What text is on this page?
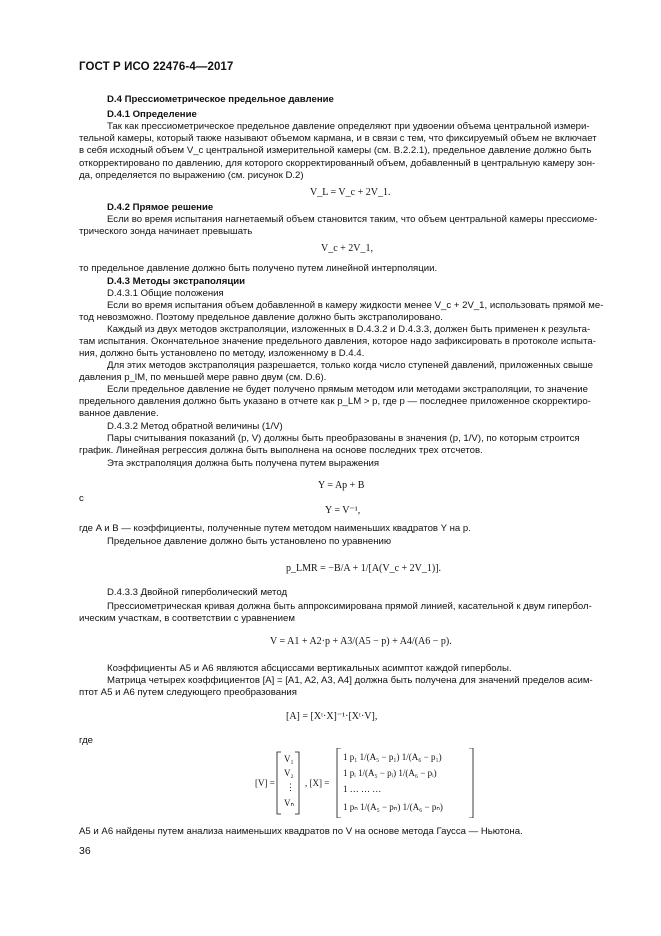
ГОСТ Р ИСО 22476-4—2017
D.4 Прессиометрическое предельное давление
D.4.1 Определение
Так как прессиометрическое предельное давление определяют при удвоении объема центральной измери-
тельной камеры, который также называют объемом кармана, и в связи с тем, что фиксируемый объем не включает
в себя исходный объем V_c центральной измерительной камеры (см. В.2.2.1), предельное давление должно быть
откорректировано по давлению, для которого скорректированный объем, добавленный в центральную камеру зон-
да, определяется по выражению (см. рисунок D.2)
V_L = V_c + 2V_1.
D.4.2 Прямое решение
Если во время испытания нагнетаемый объем становится таким, что объем центральной камеры прессиоме-
трического зонда начинает превышать
V_c + 2V_1,
то предельное давление должно быть получено путем линейной интерполяции.
D.4.3 Методы экстраполяции
D.4.3.1 Общие положения
Если во время испытания объем добавленной в камеру жидкости менее V_c + 2V_1, использовать прямой ме-
тод невозможно. Поэтому предельное давление должно быть экстраполировано.
Каждый из двух методов экстраполяции, изложенных в D.4.3.2 и D.4.3.3, должен быть применен к результа-
там испытания. Окончательное значение предельного давления, которое надо зафиксировать в протоколе испыта-
ния, должно быть установлено по методу, изложенному в D.4.4.
Для этих методов экстраполяция разрешается, только когда число ступеней давлений, приложенных свыше
давления p_lM, по меньшей мере равно двум (см. D.6).
Если предельное давление не будет получено прямым методом или методами экстраполяции, то значение
предельного давления должно быть указано в отчете как p_LM > p, где p — последнее приложенное скорректиро-
ванное давление.
D.4.3.2 Метод обратной величины (1/V)
Пары считывания показаний (p, V) должны быть преобразованы в значения (p, 1/V), по которым строится
график. Линейная регрессия должна быть выполнена на основе последних трех отсчетов.
Эта экстраполяция должна быть получена путем выражения
Y = Ap + B
с
Y = V⁻¹,
где A и B — коэффициенты, полученные путем методом наименьших квадратов Y на p.
Предельное давление должно быть установлено по уравнению
p_LMR = −B/A + 1/[A(V_c + 2V_1)].
D.4.3.3 Двойной гиперболический метод
Прессиометрическая кривая должна быть аппроксимирована прямой линией, касательной к двум гипербол-
ическим участкам, в соответствии с уравнением
V = A1 + A2·p + A3/(A5 − p) + A4/(A6 − p).
Коэффициенты A5 и A6 являются абсциссами вертикальных асимптот каждой гиперболы.
Матрица четырех коэффициентов [A] = [A1, A2, A3, A4] должна быть получена для значений пределов асим-
птот A5 и A6 путем следующего преобразования
[A] = [Xᵗ·X]⁻¹·[Xᵗ·V],
где
[V] =
V₁
V₂
⋮
Vₙ
, [X] =
1 p₁ 1/(A₅ − p₁) 1/(A₆ − p₁)
1 pᵢ 1/(A₅ − pᵢ) 1/(A₆ − pᵢ)
1 … … …
1 pₙ 1/(A₅ − pₙ) 1/(A₆ − pₙ)
A5 и A6 найдены путем анализа наименьших квадратов по V на основе метода Гаусса — Ньютона.
36
